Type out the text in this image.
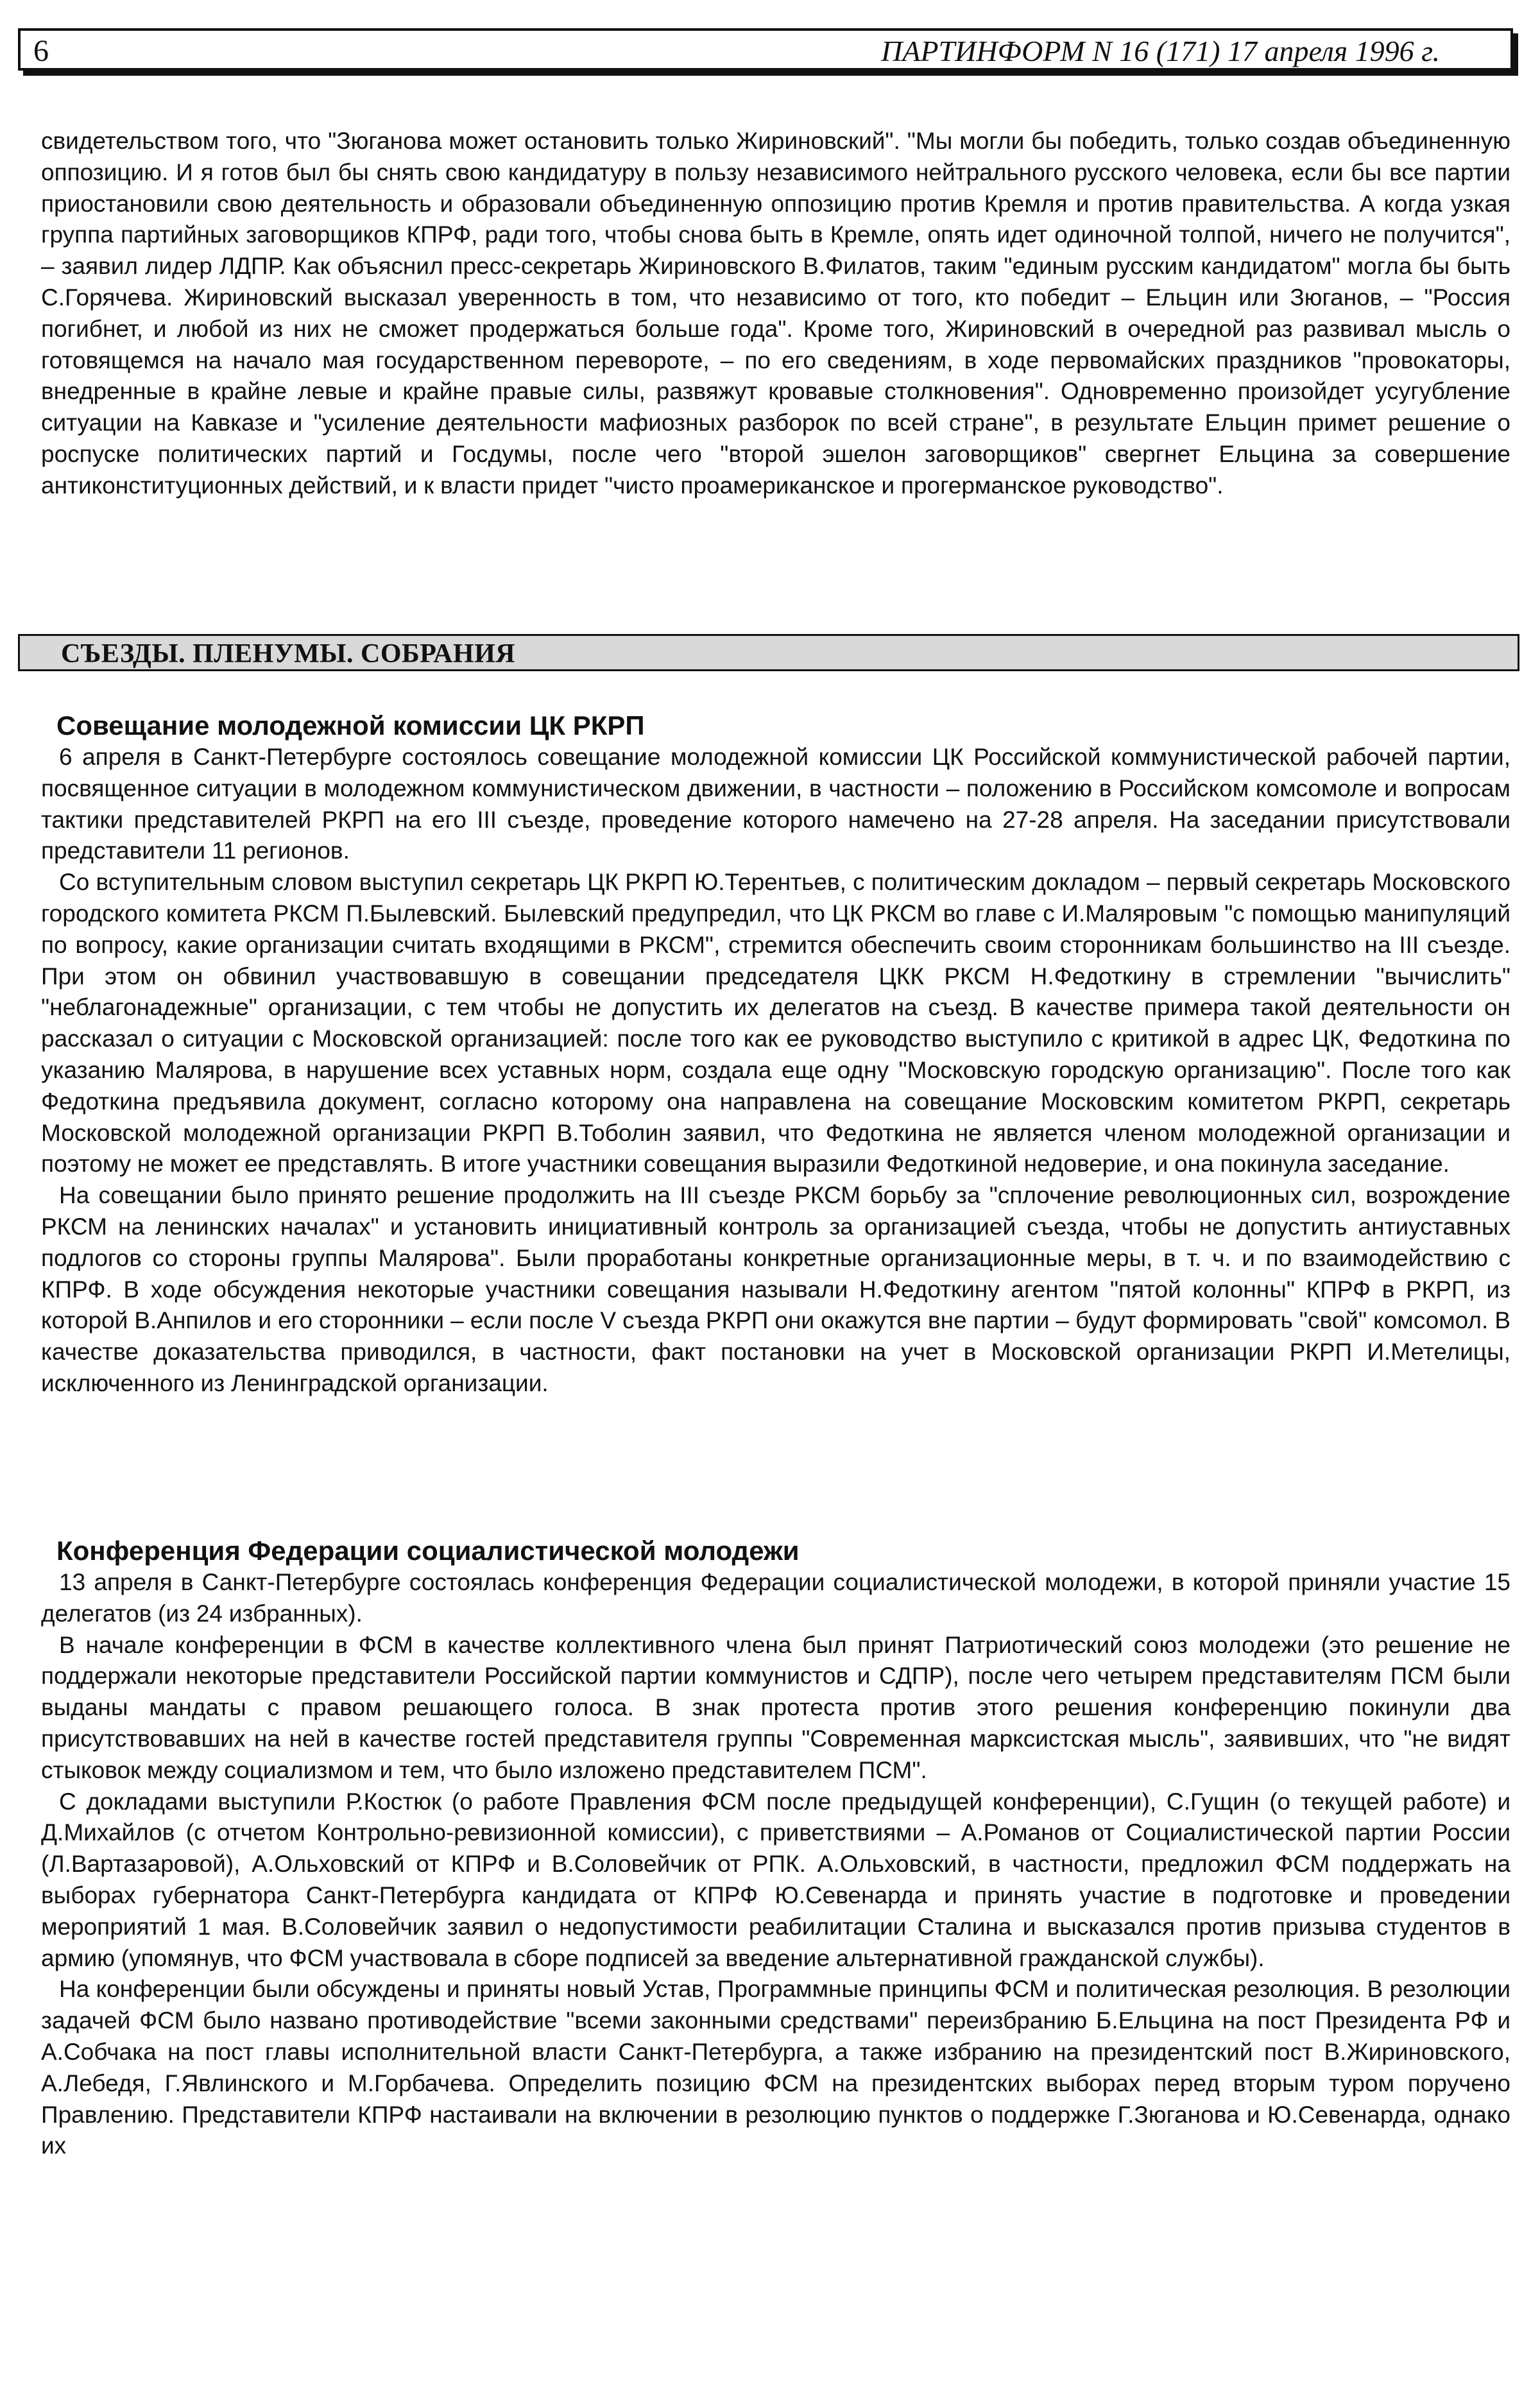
6	ПАРТИНФОРМ N 16 (171) 17 апреля 1996 г.

свидетельством того, что "Зюганова может остановить только Жириновский". "Мы могли бы победить, только создав объединенную оппозицию. И я готов был бы снять свою кандидатуру в пользу независимого нейтрального русского человека, если бы все партии приостановили свою деятельность и образовали объединенную оппозицию против Кремля и против правительства. А когда узкая группа партийных заговорщиков КПРФ, ради того, чтобы снова быть в Кремле, опять идет одиночной толпой, ничего не получится", – заявил лидер ЛДПР. Как объяснил пресс-секретарь Жириновского В.Филатов, таким "единым русским кандидатом" могла бы быть С.Горячева. Жириновский высказал уверенность в том, что независимо от того, кто победит – Ельцин или Зюганов, – "Россия погибнет, и любой из них не сможет продержаться больше года". Кроме того, Жириновский в очередной раз развивал мысль о готовящемся на начало мая государственном перевороте, – по его сведениям, в ходе первомайских праздников "провокаторы, внедренные в крайне левые и крайне правые силы, развяжут кровавые столкновения". Одновременно произойдет усугубление ситуации на Кавказе и "усиление деятельности мафиозных разборок по всей стране", в результате Ельцин примет решение о роспуске политических партий и Госдумы, после чего "второй эшелон заговорщиков" свергнет Ельцина за совершение антиконституционных действий, и к власти придет "чисто проамериканское и прогерманское руководство".

СЪЕЗДЫ. ПЛЕНУМЫ. СОБРАНИЯ
Совещание молодежной комиссии ЦК РКРП

6 апреля в Санкт-Петербурге состоялось совещание молодежной комиссии ЦК Российской коммунистической рабочей партии, посвященное ситуации в молодежном коммунистическом движении, в частности – положению в Российском комсомоле и вопросам тактики представителей РКРП на его III съезде, проведение которого намечено на 27-28 апреля. На заседании присутствовали представители 11 регионов.

Со вступительным словом выступил секретарь ЦК РКРП Ю.Терентьев, с политическим докладом – первый секретарь Московского городского комитета РКСМ П.Былевский. Былевский предупредил, что ЦК РКСМ во главе с И.Маляровым "с помощью манипуляций по вопросу, какие организации считать входящими в РКСМ", стремится обеспечить своим сторонникам большинство на III съезде. При этом он обвинил участвовавшую в совещании председателя ЦКК РКСМ Н.Федоткину в стремлении "вычислить" "неблагонадежные" организации, с тем чтобы не допустить их делегатов на съезд. В качестве примера такой деятельности он рассказал о ситуации с Московской организацией: после того как ее руководство выступило с критикой в адрес ЦК, Федоткина по указанию Малярова, в нарушение всех уставных норм, создала еще одну "Московскую городскую организацию". После того как Федоткина предъявила документ, согласно которому она направлена на совещание Московским комитетом РКРП, секретарь Московской молодежной организации РКРП В.Тоболин заявил, что Федоткина не является членом молодежной организации и поэтому не может ее представлять. В итоге участники совещания выразили Федоткиной недоверие, и она покинула заседание.

На совещании было принято решение продолжить на III съезде РКСМ борьбу за "сплочение революционных сил, возрождение РКСМ на ленинских началах" и установить инициативный контроль за организацией съезда, чтобы не допустить антиуставных подлогов со стороны группы Малярова". Были проработаны конкретные организационные меры, в т. ч. и по взаимодействию с КПРФ. В ходе обсуждения некоторые участники совещания называли Н.Федоткину агентом "пятой колонны" КПРФ в РКРП, из которой В.Анпилов и его сторонники – если после V съезда РКРП они окажутся вне партии – будут формировать "свой" комсомол. В качестве доказательства приводился, в частности, факт постановки на учет в Московской организации РКРП И.Метелицы, исключенного из Ленинградской организации.

Конференция Федерации социалистической молодежи

13 апреля в Санкт-Петербурге состоялась конференция Федерации социалистической молодежи, в которой приняли участие 15 делегатов (из 24 избранных).

В начале конференции в ФСМ в качестве коллективного члена был принят Патриотический союз молодежи (это решение не поддержали некоторые представители Российской партии коммунистов и СДПР), после чего четырем представителям ПСМ были выданы мандаты с правом решающего голоса. В знак протеста против этого решения конференцию покинули два присутствовавших на ней в качестве гостей представителя группы "Современная марксистская мысль", заявивших, что "не видят стыковок между социализмом и тем, что было изложено представителем ПСМ".

С докладами выступили Р.Костюк (о работе Правления ФСМ после предыдущей конференции), С.Гущин (о текущей работе) и Д.Михайлов (с отчетом Контрольно-ревизионной комиссии), с приветствиями – А.Романов от Социалистической партии России (Л.Вартазаровой), А.Ольховский от КПРФ и В.Соловейчик от РПК. А.Ольховский, в частности, предложил ФСМ поддержать на выборах губернатора Санкт-Петербурга кандидата от КПРФ Ю.Севенарда и принять участие в подготовке и проведении мероприятий 1 мая. В.Соловейчик заявил о недопустимости реабилитации Сталина и высказался против призыва студентов в армию (упомянув, что ФСМ участвовала в сборе подписей за введение альтернативной гражданской службы).

На конференции были обсуждены и приняты новый Устав, Программные принципы ФСМ и политическая резолюция. В резолюции задачей ФСМ было названо противодействие "всеми законными средствами" переизбранию Б.Ельцина на пост Президента РФ и А.Собчака на пост главы исполнительной власти Санкт-Петербурга, а также избранию на президентский пост В.Жириновского, А.Лебедя, Г.Явлинского и М.Горбачева. Определить позицию ФСМ на президентских выборах перед вторым туром поручено Правлению. Представители КПРФ настаивали на включении в резолюцию пунктов о поддержке Г.Зюганова и Ю.Севенарда, однако их
